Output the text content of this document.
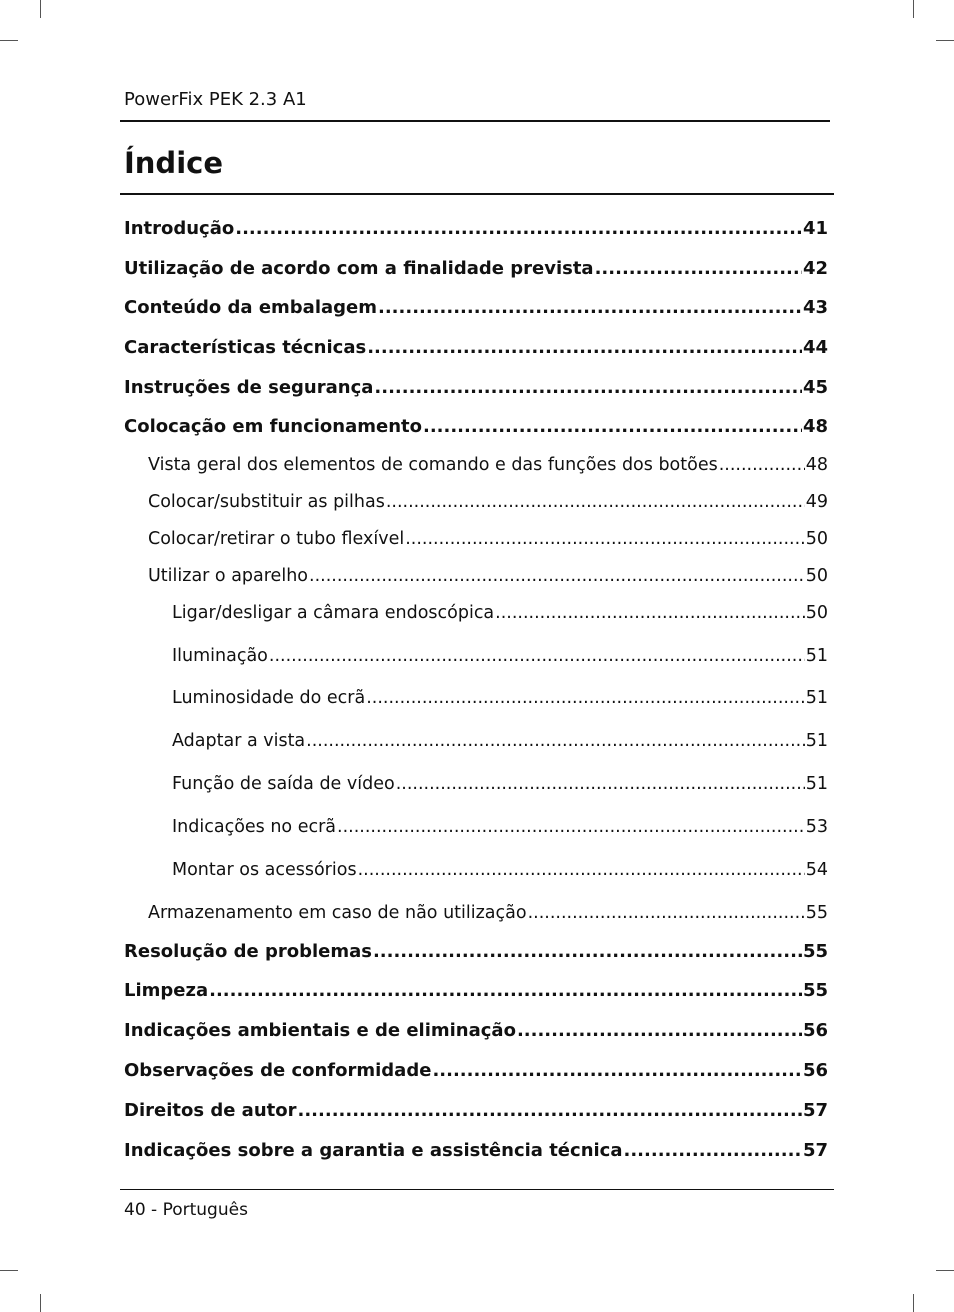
PowerFix PEK 2.3 A1
Índice
Introdução .....	41
Utilização de acordo com a finalidade prevista .....	42
Conteúdo da embalagem .....	43
Características técnicas .....	44
Instruções de segurança .....	45
Colocação em funcionamento .....	48
Vista geral dos elementos de comando e das funções dos botões .....	48
Colocar/substituir as pilhas .....	49
Colocar/retirar o tubo flexível .....	50
Utilizar o aparelho .....	50
Ligar/desligar a câmara endoscópica .....	50
Iluminação .....	51
Luminosidade do ecrã .....	51
Adaptar a vista .....	51
Função de saída de vídeo .....	51
Indicações no ecrã .....	53
Montar os acessórios .....	54
Armazenamento em caso de não utilização .....	55
Resolução de problemas .....	55
Limpeza .....	55
Indicações ambientais e de eliminação .....	56
Observações de conformidade .....	56
Direitos de autor .....	57
Indicações sobre a garantia e assistência técnica .....	57
40 - Português
